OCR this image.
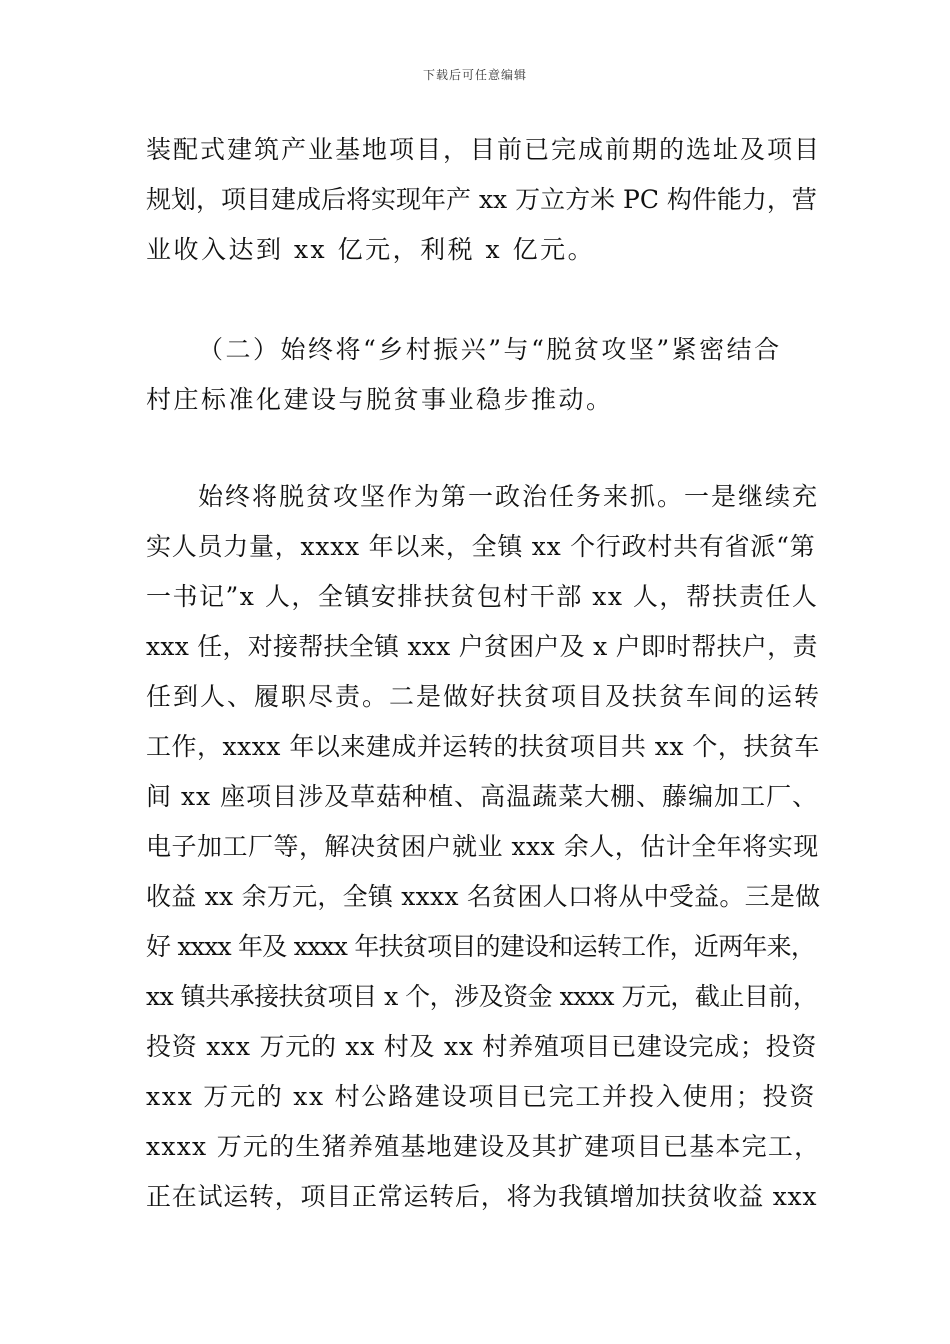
下载后可任意编辑
装配式建筑产业基地项目，目前已完成前期的选址及项目
规划，项目建成后将实现年产 xx 万立方米 PC 构件能力，营
业收入达到 xx 亿元，利税 x 亿元。
（二）始终将“乡村振兴”与“脱贫攻坚”紧密结合
村庄标准化建设与脱贫事业稳步推动。
始终将脱贫攻坚作为第一政治任务来抓。一是继续充
实人员力量，xxxx 年以来，全镇 xx 个行政村共有省派“第
一书记”x 人，全镇安排扶贫包村干部 xx 人，帮扶责任人
xxx 任，对接帮扶全镇 xxx 户贫困户及 x 户即时帮扶户，责
任到人、履职尽责。二是做好扶贫项目及扶贫车间的运转
工作，xxxx 年以来建成并运转的扶贫项目共 xx 个，扶贫车
间 xx 座项目涉及草菇种植、高温蔬菜大棚、藤编加工厂、
电子加工厂等，解决贫困户就业 xxx 余人，估计全年将实现
收益 xx 余万元，全镇 xxxx 名贫困人口将从中受益。三是做
好 xxxx 年及 xxxx 年扶贫项目的建设和运转工作，近两年来，
xx 镇共承接扶贫项目 x 个，涉及资金 xxxx 万元，截止目前，
投资 xxx 万元的 xx 村及 xx 村养殖项目已建设完成；投资
xxx 万元的 xx 村公路建设项目已完工并投入使用；投资
xxxx 万元的生猪养殖基地建设及其扩建项目已基本完工，
正在试运转，项目正常运转后，将为我镇增加扶贫收益 xxx
